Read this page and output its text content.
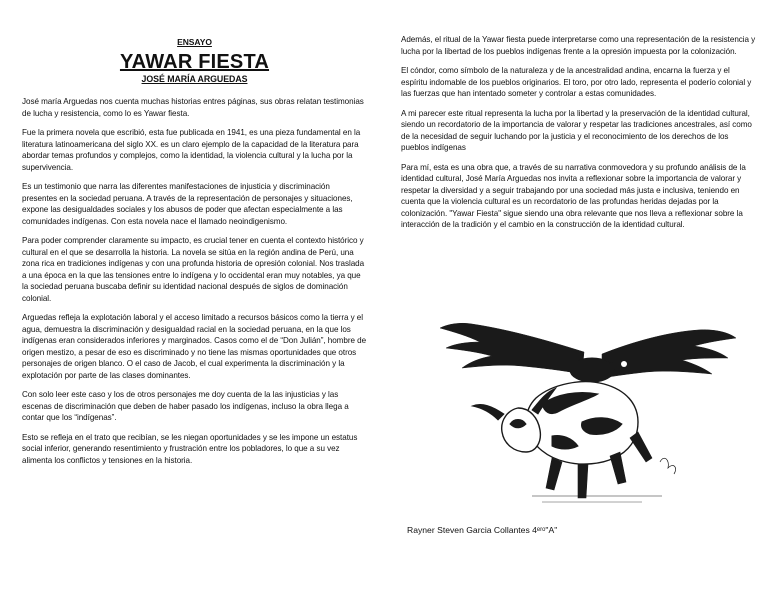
ENSAYO
YAWAR FIESTA
JOSÉ MARÍA ARGUEDAS

José maría Arguedas nos cuenta muchas historias entres páginas, sus obras relatan testimonias de lucha y resistencia, como lo es Yawar fiesta.

Fue la primera novela que escribió, esta fue publicada en 1941, es una pieza fundamental en la literatura latinoamericana del siglo XX. es un claro ejemplo de la capacidad de la literatura para abordar temas profundos y complejos, como la identidad, la violencia cultural y la lucha por la supervivencia.

Es un testimonio que narra las diferentes manifestaciones de injusticia y discriminación presentes en la sociedad peruana. A través de la representación de personajes y situaciones, expone las desigualdades sociales y los abusos de poder que afectan especialmente a las comunidades indígenas. Con esta novela nace el llamado neoindigenismo.

Para poder comprender claramente su impacto, es crucial tener en cuenta el contexto histórico y cultural en el que se desarrolla la historia. La novela se sitúa en la región andina de Perú, una zona rica en tradiciones indígenas y con una profunda historia de opresión colonial. Nos traslada a una época en la que las tensiones entre lo indígena y lo occidental eran muy notables, ya que la sociedad peruana buscaba definir su identidad nacional después de siglos de dominación colonial.

Arguedas refleja la explotación laboral y el acceso limitado a recursos básicos como la tierra y el agua, demuestra la discriminación y desigualdad racial en la sociedad peruana, en la que los indígenas eran considerados inferiores y marginados. Casos como el de “Don Julián”, hombre de origen mestizo, a pesar de eso es discriminado y no tiene las mismas oportunidades que otros personajes de origen blanco. O el caso de Jacob, el cual experimenta la discriminación y la explotación por parte de las clases dominantes.

Con solo leer este caso y los de otros personajes me doy cuenta de la las injusticias y las escenas de discriminación que deben de haber pasado los indígenas, incluso la obra llega a contar que los “indígenas”.

Esto se refleja en el trato que recibían, se les niegan oportunidades y se les impone un estatus social inferior, generando resentimiento y frustración entre los pobladores, lo que a su vez alimenta los conflictos y tensiones en la historia.

Además, el ritual de la Yawar fiesta puede interpretarse como una representación de la resistencia y lucha por la libertad de los pueblos indígenas frente a la opresión impuesta por la colonización.

El cóndor, como símbolo de la naturaleza y de la ancestralidad andina, encarna la fuerza y el espíritu indomable de los pueblos originarios. El toro, por otro lado, representa el poderío colonial y las fuerzas que han intentado someter y controlar a estas comunidades.

A mi parecer este ritual representa la lucha por la libertad y la preservación de la identidad cultural, siendo un recordatorio de la importancia de valorar y respetar las tradiciones ancestrales, así como de la necesidad de seguir luchando por la justicia y el reconocimiento de los derechos de los pueblos indígenas

Para mí, esta es una obra que, a través de su narrativa conmovedora y su profundo análisis de la identidad cultural, José María Arguedas nos invita a reflexionar sobre la importancia de valorar y respetar la diversidad y a seguir trabajando por una sociedad más justa e inclusiva, teniendo en cuenta que la violencia cultural es un recordatorio de las profundas heridas dejadas por la colonización. "Yawar Fiesta" sigue siendo una obra relevante que nos lleva a reflexionar sobre la interacción de la tradición y el cambio en la construcción de la identidad cultural.

Rayner Steven Garcia Collantes 4ᵉʳᵒ"A"
